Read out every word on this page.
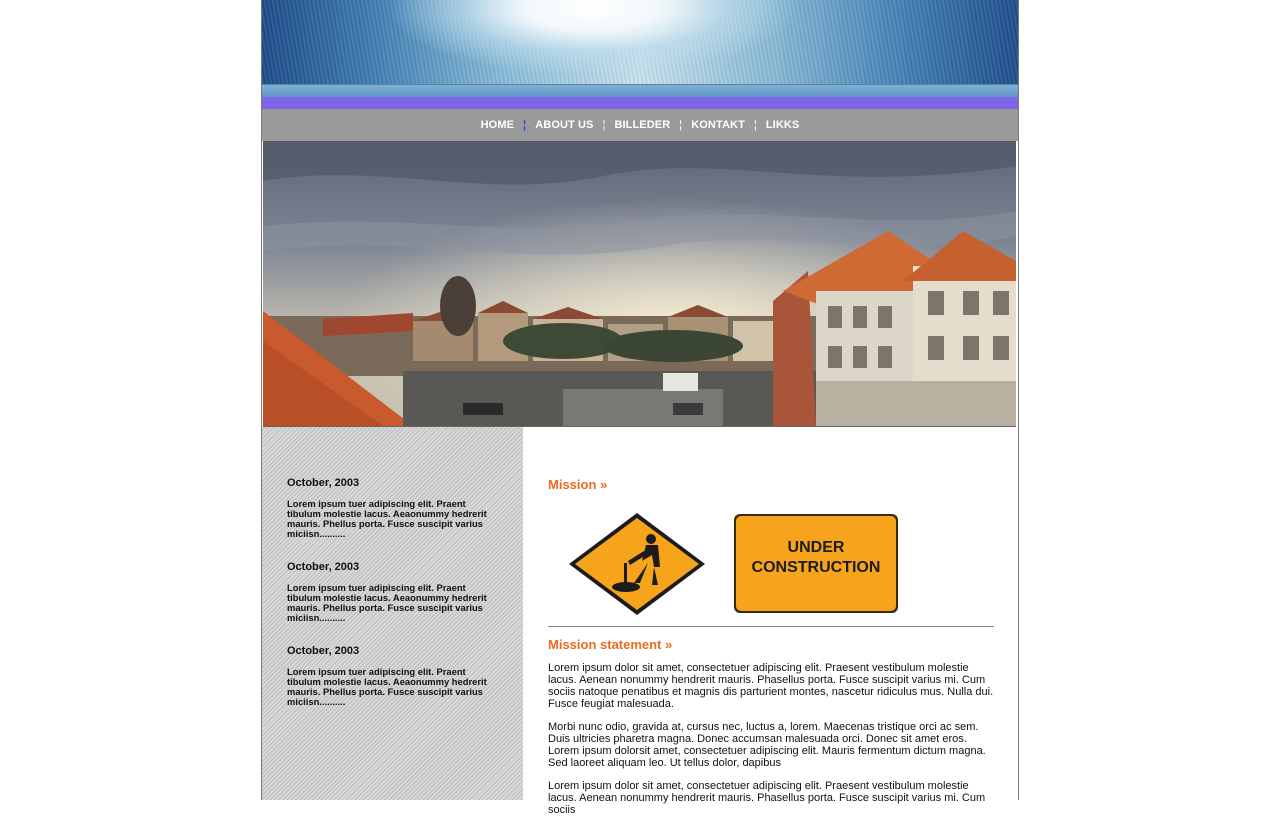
HOME ¦ ABOUT US ¦ BILLEDER ¦ KONTAKT ¦ LIKKS
October, 2003
Lorem ipsum tuer adipiscing elit. Praent tibulum molestie lacus. Aeaonummy hedrerit mauris. Phellus porta. Fusce suscipit varius miciisn..........
October, 2003
Lorem ipsum tuer adipiscing elit. Praent tibulum molestie lacus. Aeaonummy hedrerit mauris. Phellus porta. Fusce suscipit varius miciisn..........
October, 2003
Lorem ipsum tuer adipiscing elit. Praent tibulum molestie lacus. Aeaonummy hedrerit mauris. Phellus porta. Fusce suscipit varius miciisn..........
Mission »
UNDER
CONSTRUCTION
Mission statement »
Lorem ipsum dolor sit amet, consectetuer adipiscing elit. Praesent vestibulum molestie lacus. Aenean nonummy hendrerit mauris. Phasellus porta. Fusce suscipit varius mi. Cum sociis natoque penatibus et magnis dis parturient montes, nascetur ridiculus mus. Nulla dui. Fusce feugiat malesuada.
Morbi nunc odio, gravida at, cursus nec, luctus a, lorem. Maecenas tristique orci ac sem. Duis ultricies pharetra magna. Donec accumsan malesuada orci. Donec sit amet eros. Lorem ipsum dolorsit amet, consectetuer adipiscing elit. Mauris fermentum dictum magna. Sed laoreet aliquam leo. Ut tellus dolor, dapibus
Lorem ipsum dolor sit amet, consectetuer adipiscing elit. Praesent vestibulum molestie lacus. Aenean nonummy hendrerit mauris. Phasellus porta. Fusce suscipit varius mi. Cum sociis
